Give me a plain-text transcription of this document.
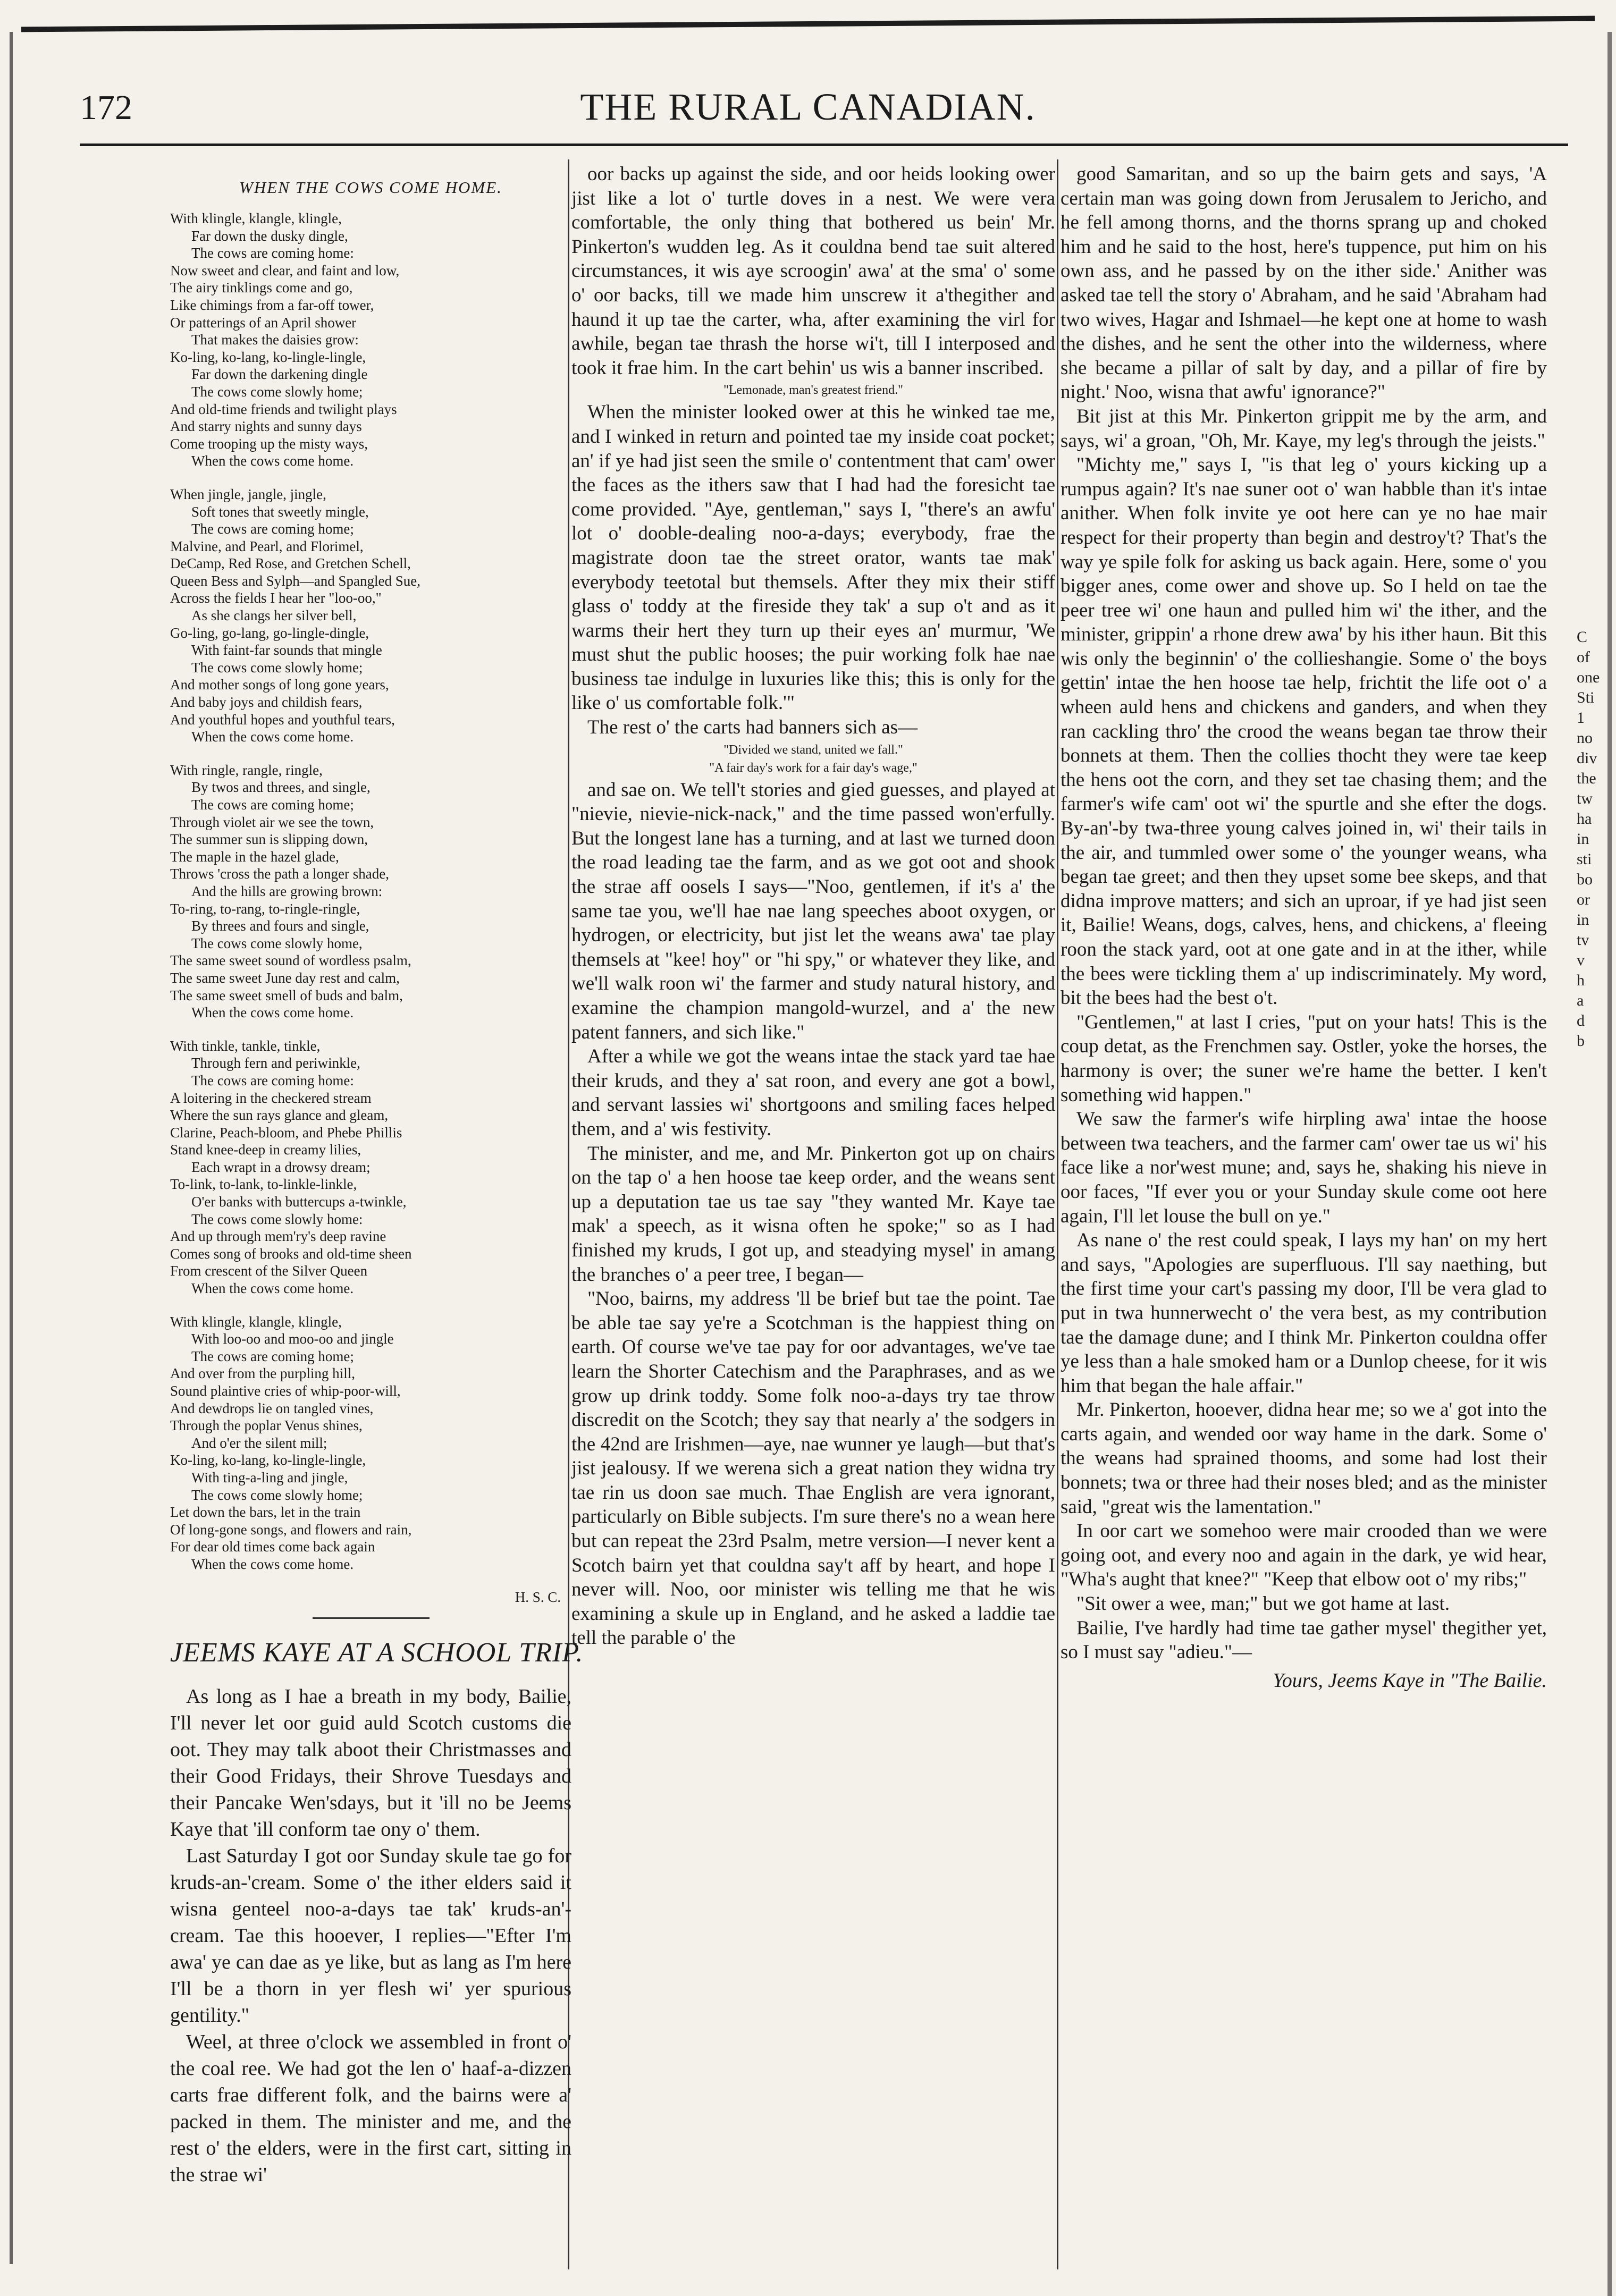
172	THE RURAL CANADIAN.
WHEN THE COWS COME HOME.
With klingle, klangle, klingle,
Far down the dusky dingle,
The cows are coming home:
Now sweet and clear, and faint and low,
The airy tinklings come and go,
Like chimings from a far-off tower,
Or patterings of an April shower
That makes the daisies grow:
Ko-ling, ko-lang, ko-lingle-lingle,
Far down the darkening dingle
The cows come slowly home;
And old-time friends and twilight plays
And starry nights and sunny days
Come trooping up the misty ways,
When the cows come home.
When jingle, jangle, jingle,
Soft tones that sweetly mingle,
The cows are coming home;
Malvine, and Pearl, and Florimel,
DeCamp, Red Rose, and Gretchen Schell,
Queen Bess and Sylph—and Spangled Sue,
Across the fields I hear her "loo-oo,"
As she clangs her silver bell,
Go-ling, go-lang, go-lingle-dingle,
With faint-far sounds that mingle
The cows come slowly home;
And mother songs of long gone years,
And baby joys and childish fears,
And youthful hopes and youthful tears,
When the cows come home.
With ringle, rangle, ringle,
By twos and threes, and single,
The cows are coming home;
Through violet air we see the town,
The summer sun is slipping down,
The maple in the hazel glade,
Throws 'cross the path a longer shade,
And the hills are growing brown:
To-ring, to-rang, to-ringle-ringle,
By threes and fours and single,
The cows come slowly home,
The same sweet sound of wordless psalm,
The same sweet June day rest and calm,
The same sweet smell of buds and balm,
When the cows come home.
With tinkle, tankle, tinkle,
Through fern and periwinkle,
The cows are coming home:
A loitering in the checkered stream
Where the sun rays glance and gleam,
Clarine, Peach-bloom, and Phebe Phillis
Stand knee-deep in creamy lilies,
Each wrapt in a drowsy dream;
To-link, to-lank, to-linkle-linkle,
O'er banks with buttercups a-twinkle,
The cows come slowly home:
And up through mem'ry's deep ravine
Comes song of brooks and old-time sheen
From crescent of the Silver Queen
When the cows come home.
With klingle, klangle, klingle,
With loo-oo and moo-oo and jingle
The cows are coming home;
And over from the purpling hill,
Sound plaintive cries of whip-poor-will,
And dewdrops lie on tangled vines,
Through the poplar Venus shines,
And o'er the silent mill;
Ko-ling, ko-lang, ko-lingle-lingle,
With ting-a-ling and jingle,
The cows come slowly home;
Let down the bars, let in the train
Of long-gone songs, and flowers and rain,
For dear old times come back again
When the cows come home.
H. S. C.
JEEMS KAYE AT A SCHOOL TRIP.

As long as I hae a breath in my body, Bailie, I'll never let oor guid auld Scotch customs die oot. They may talk aboot their Christmasses and their Good Fridays, their Shrove Tuesdays and their Pancake Wen'sdays, but it 'ill no be Jeems Kaye that 'ill conform tae ony o' them.

Last Saturday I got oor Sunday skule tae go for kruds-an-'cream. Some o' the ither elders said it wisna genteel noo-a-days tae tak' kruds-an'-cream. Tae this hooever, I replies—"Efter I'm awa' ye can dae as ye like, but as lang as I'm here I'll be a thorn in yer flesh wi' yer spurious gentility."

Weel, at three o'clock we assembled in front o' the coal ree. We had got the len o' haaf-a-dizzen carts frae different folk, and the bairns were a' packed in them. The minister and me, and the rest o' the elders, were in the first cart, sitting in the strae wi'

oor backs up against the side, and oor heids looking ower jist like a lot o' turtle doves in a nest. We were vera comfortable, the only thing that bothered us bein' Mr. Pinkerton's wudden leg. As it couldna bend tae suit altered circumstances, it wis aye scroogin' awa' at the sma' o' some o' oor backs, till we made him unscrew it a'thegither and haund it up tae the carter, wha, after examining the virl for awhile, began tae thrash the horse wi't, till I interposed and took it frae him. In the cart behin' us wis a banner inscribed.

"Lemonade, man's greatest friend."

When the minister looked ower at this he winked tae me, and I winked in return and pointed tae my inside coat pocket; an' if ye had jist seen the smile o' contentment that cam' ower the faces as the ithers saw that I had had the foresicht tae come provided. "Aye, gentleman," says I, "there's an awfu' lot o' dooble-dealing noo-a-days; everybody, frae the magistrate doon tae the street orator, wants tae mak' everybody teetotal but themsels. After they mix their stiff glass o' toddy at the fireside they tak' a sup o't and as it warms their hert they turn up their eyes an' murmur, 'We must shut the public hooses; the puir working folk hae nae business tae indulge in luxuries like this; this is only for the like o' us comfortable folk.'"

The rest o' the carts had banners sich as—

"Divided we stand, united we fall."
"A fair day's work for a fair day's wage,"

and sae on. We tell't stories and gied guesses, and played at "nievie, nievie-nick-nack," and the time passed won'erfully. But the longest lane has a turning, and at last we turned doon the road leading tae the farm, and as we got oot and shook the strae aff oosels I says—"Noo, gentlemen, if it's a' the same tae you, we'll hae nae lang speeches aboot oxygen, or hydrogen, or electricity, but jist let the weans awa' tae play themsels at "kee! hoy" or "hi spy," or whatever they like, and we'll walk roon wi' the farmer and study natural history, and examine the champion mangold-wurzel, and a' the new patent fanners, and sich like."

After a while we got the weans intae the stack yard tae hae their kruds, and they a' sat roon, and every ane got a bowl, and servant lassies wi' shortgoons and smiling faces helped them, and a' wis festivity.

The minister, and me, and Mr. Pinkerton got up on chairs on the tap o' a hen hoose tae keep order, and the weans sent up a deputation tae us tae say "they wanted Mr. Kaye tae mak' a speech, as it wisna often he spoke;" so as I had finished my kruds, I got up, and steadying mysel' in amang the branches o' a peer tree, I began—

"Noo, bairns, my address 'll be brief but tae the point. Tae be able tae say ye're a Scotchman is the happiest thing on earth. Of course we've tae pay for oor advantages, we've tae learn the Shorter Catechism and the Paraphrases, and as we grow up drink toddy. Some folk noo-a-days try tae throw discredit on the Scotch; they say that nearly a' the sodgers in the 42nd are Irishmen—aye, nae wunner ye laugh—but that's jist jealousy. If we werena sich a great nation they widna try tae rin us doon sae much. Thae English are vera ignorant, particularly on Bible subjects. I'm sure there's no a wean here but can repeat the 23rd Psalm, metre version—I never kent a Scotch bairn yet that couldna say't aff by heart, and hope I never will. Noo, oor minister wis telling me that he wis examining a skule up in England, and he asked a laddie tae tell the parable o' the

good Samaritan, and so up the bairn gets and says, 'A certain man was going down from Jerusalem to Jericho, and he fell among thorns, and the thorns sprang up and choked him and he said to the host, here's tuppence, put him on his own ass, and he passed by on the ither side.' Anither was asked tae tell the story o' Abraham, and he said 'Abraham had two wives, Hagar and Ishmael—he kept one at home to wash the dishes, and he sent the other into the wilderness, where she became a pillar of salt by day, and a pillar of fire by night.' Noo, wisna that awfu' ignorance?"

Bit jist at this Mr. Pinkerton grippit me by the arm, and says, wi' a groan, "Oh, Mr. Kaye, my leg's through the jeists."

"Michty me," says I, "is that leg o' yours kicking up a rumpus again? It's nae suner oot o' wan habble than it's intae anither. When folk invite ye oot here can ye no hae mair respect for their property than begin and destroy't? That's the way ye spile folk for asking us back again. Here, some o' you bigger anes, come ower and shove up. So I held on tae the peer tree wi' one haun and pulled him wi' the ither, and the minister, grippin' a rhone drew awa' by his ither haun. Bit this wis only the beginnin' o' the collieshangie. Some o' the boys gettin' intae the hen hoose tae help, frichtit the life oot o' a wheen auld hens and chickens and ganders, and when they ran cackling thro' the crood the weans began tae throw their bonnets at them. Then the collies thocht they were tae keep the hens oot the corn, and they set tae chasing them; and the farmer's wife cam' oot wi' the spurtle and she efter the dogs. By-an'-by twa-three young calves joined in, wi' their tails in the air, and tummled ower some o' the younger weans, wha began tae greet; and then they upset some bee skeps, and that didna improve matters; and sich an uproar, if ye had jist seen it, Bailie! Weans, dogs, calves, hens, and chickens, a' fleeing roon the stack yard, oot at one gate and in at the ither, while the bees were tickling them a' up indiscriminately. My word, bit the bees had the best o't.

"Gentlemen," at last I cries, "put on your hats! This is the coup detat, as the Frenchmen say. Ostler, yoke the horses, the harmony is over; the suner we're hame the better. I ken't something wid happen."

We saw the farmer's wife hirpling awa' intae the hoose between twa teachers, and the farmer cam' ower tae us wi' his face like a nor'west mune; and, says he, shaking his nieve in oor faces, "If ever you or your Sunday skule come oot here again, I'll let louse the bull on ye."

As nane o' the rest could speak, I lays my han' on my hert and says, "Apologies are superfluous. I'll say naething, but the first time your cart's passing my door, I'll be vera glad to put in twa hunnerwecht o' the vera best, as my contribution tae the damage dune; and I think Mr. Pinkerton couldna offer ye less than a hale smoked ham or a Dunlop cheese, for it wis him that began the hale affair."

Mr. Pinkerton, hooever, didna hear me; so we a' got into the carts again, and wended oor way hame in the dark. Some o' the weans had sprained thooms, and some had lost their bonnets; twa or three had their noses bled; and as the minister said, "great wis the lamentation."

In oor cart we somehoo were mair crooded than we were going oot, and every noo and again in the dark, ye wid hear, "Wha's aught that knee?" "Keep that elbow oot o' my ribs;"

"Sit ower a wee, man;" but we got hame at last.

Bailie, I've hardly had time tae gather mysel' thegither yet, so I must say "adieu."—

Yours, Jeems Kaye in "The Bailie.
C
of
one
Sti
1
no
div
the
tw
ha
in
sti
bo
or
in
tv
v
h
a
d
b
